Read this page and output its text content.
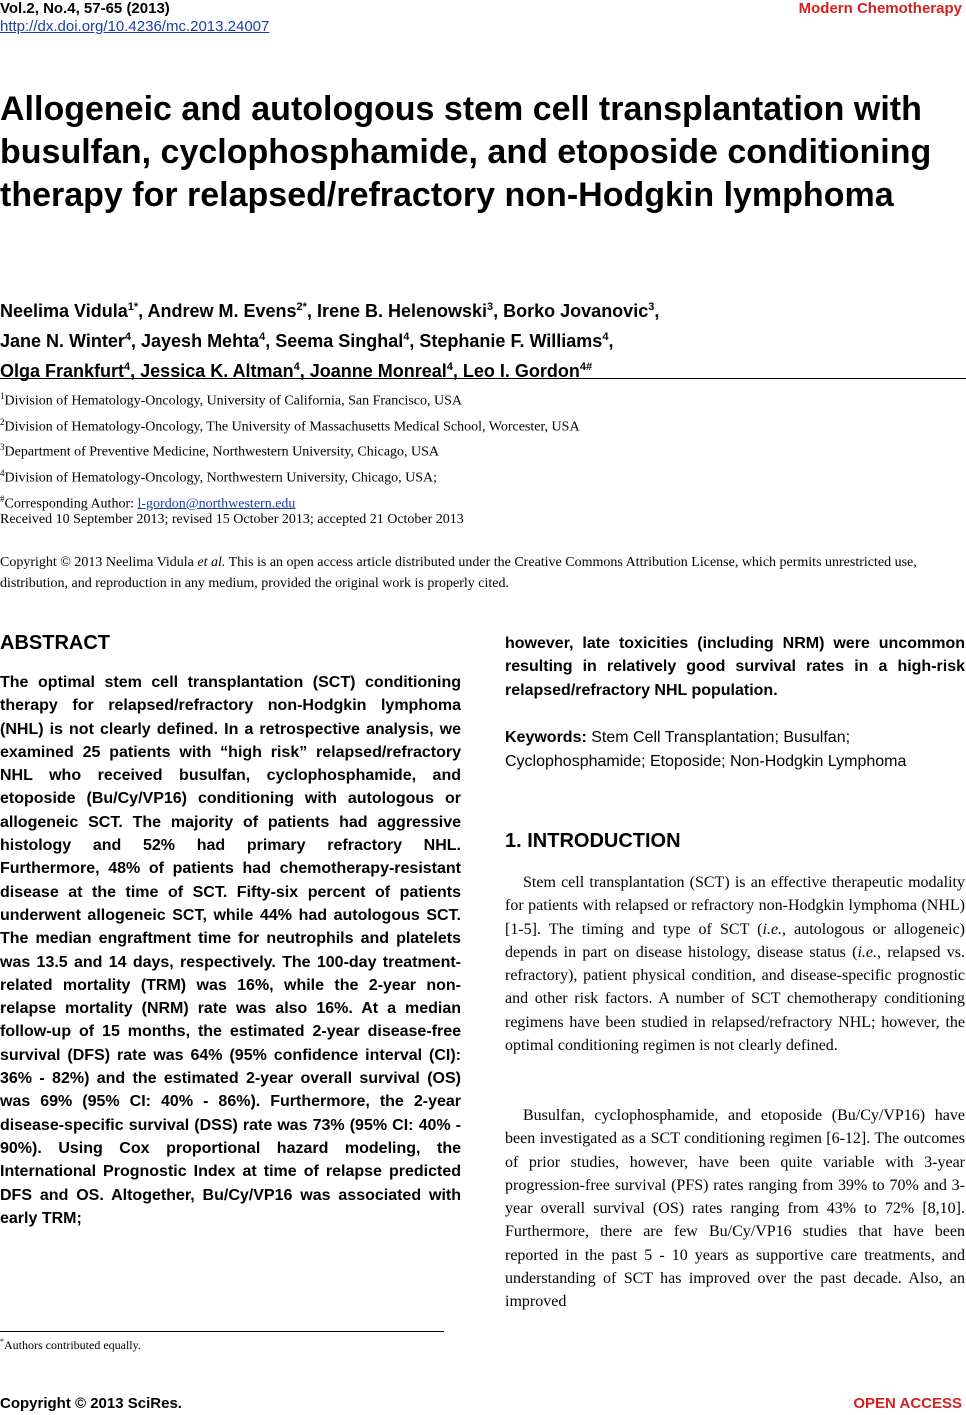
Vol.2, No.4, 57-65 (2013)
http://dx.doi.org/10.4236/mc.2013.24007
Modern Chemotherapy
Allogeneic and autologous stem cell transplantation with busulfan, cyclophosphamide, and etoposide conditioning therapy for relapsed/refractory non-Hodgkin lymphoma
Neelima Vidula$^{1*}$, Andrew M. Evens$^{2*}$, Irene B. Helenowski$^3$, Borko Jovanovic$^3$,
Jane N. Winter$^4$, Jayesh Mehta$^4$, Seema Singhal$^4$, Stephanie F. Williams$^4$,
Olga Frankfurt$^4$, Jessica K. Altman$^4$, Joanne Monreal$^4$, Leo I. Gordon$^{4\#}$
$^1$Division of Hematology-Oncology, University of California, San Francisco, USA
$^2$Division of Hematology-Oncology, The University of Massachusetts Medical School, Worcester, USA
$^3$Department of Preventive Medicine, Northwestern University, Chicago, USA
$^4$Division of Hematology-Oncology, Northwestern University, Chicago, USA;
#Corresponding Author: l-gordon@northwestern.edu
Received 10 September 2013; revised 15 October 2013; accepted 21 October 2013
Copyright © 2013 Neelima Vidula et al. This is an open access article distributed under the Creative Commons Attribution License, which permits unrestricted use, distribution, and reproduction in any medium, provided the original work is properly cited.
ABSTRACT

The optimal stem cell transplantation (SCT) conditioning therapy for relapsed/refractory non-Hodgkin lymphoma (NHL) is not clearly defined. In a retrospective analysis, we examined 25 patients with “high risk” relapsed/refractory NHL who received busulfan, cyclophosphamide, and etoposide (Bu/Cy/VP16) conditioning with autologous or allogeneic SCT. The majority of patients had aggressive histology and 52% had primary refractory NHL. Furthermore, 48% of patients had chemotherapy-resistant disease at the time of SCT. Fifty-six percent of patients underwent allogeneic SCT, while 44% had autologous SCT. The median engraftment time for neutrophils and platelets was 13.5 and 14 days, respectively. The 100-day treatment-related mortality (TRM) was 16%, while the 2-year non-relapse mortality (NRM) rate was also 16%. At a median follow-up of 15 months, the estimated 2-year disease-free survival (DFS) rate was 64% (95% confidence interval (CI): 36% - 82%) and the estimated 2-year overall survival (OS) was 69% (95% CI: 40% - 86%). Furthermore, the 2-year disease-specific survival (DSS) rate was 73% (95% CI: 40% - 90%). Using Cox proportional hazard modeling, the International Prognostic Index at time of relapse predicted DFS and OS. Altogether, Bu/Cy/VP16 was associated with early TRM;

however, late toxicities (including NRM) were uncommon resulting in relatively good survival rates in a high-risk relapsed/refractory NHL population.

Keywords: Stem Cell Transplantation; Busulfan; Cyclophosphamide; Etoposide; Non-Hodgkin Lymphoma

1. INTRODUCTION

Stem cell transplantation (SCT) is an effective therapeutic modality for patients with relapsed or refractory non-Hodgkin lymphoma (NHL) [1-5]. The timing and type of SCT (i.e., autologous or allogeneic) depends in part on disease histology, disease status (i.e., relapsed vs. refractory), patient physical condition, and disease-specific prognostic and other risk factors. A number of SCT chemotherapy conditioning regimens have been studied in relapsed/refractory NHL; however, the optimal conditioning regimen is not clearly defined.

Busulfan, cyclophosphamide, and etoposide (Bu/Cy/VP16) have been investigated as a SCT conditioning regimen [6-12]. The outcomes of prior studies, however, have been quite variable with 3-year progression-free survival (PFS) rates ranging from 39% to 70% and 3-year overall survival (OS) rates ranging from 43% to 72% [8,10]. Furthermore, there are few Bu/Cy/VP16 studies that have been reported in the past 5 - 10 years as supportive care treatments, and understanding of SCT has improved over the past decade. Also, an improved

*Authors contributed equally.
Copyright © 2013 SciRes.	OPEN ACCESS
